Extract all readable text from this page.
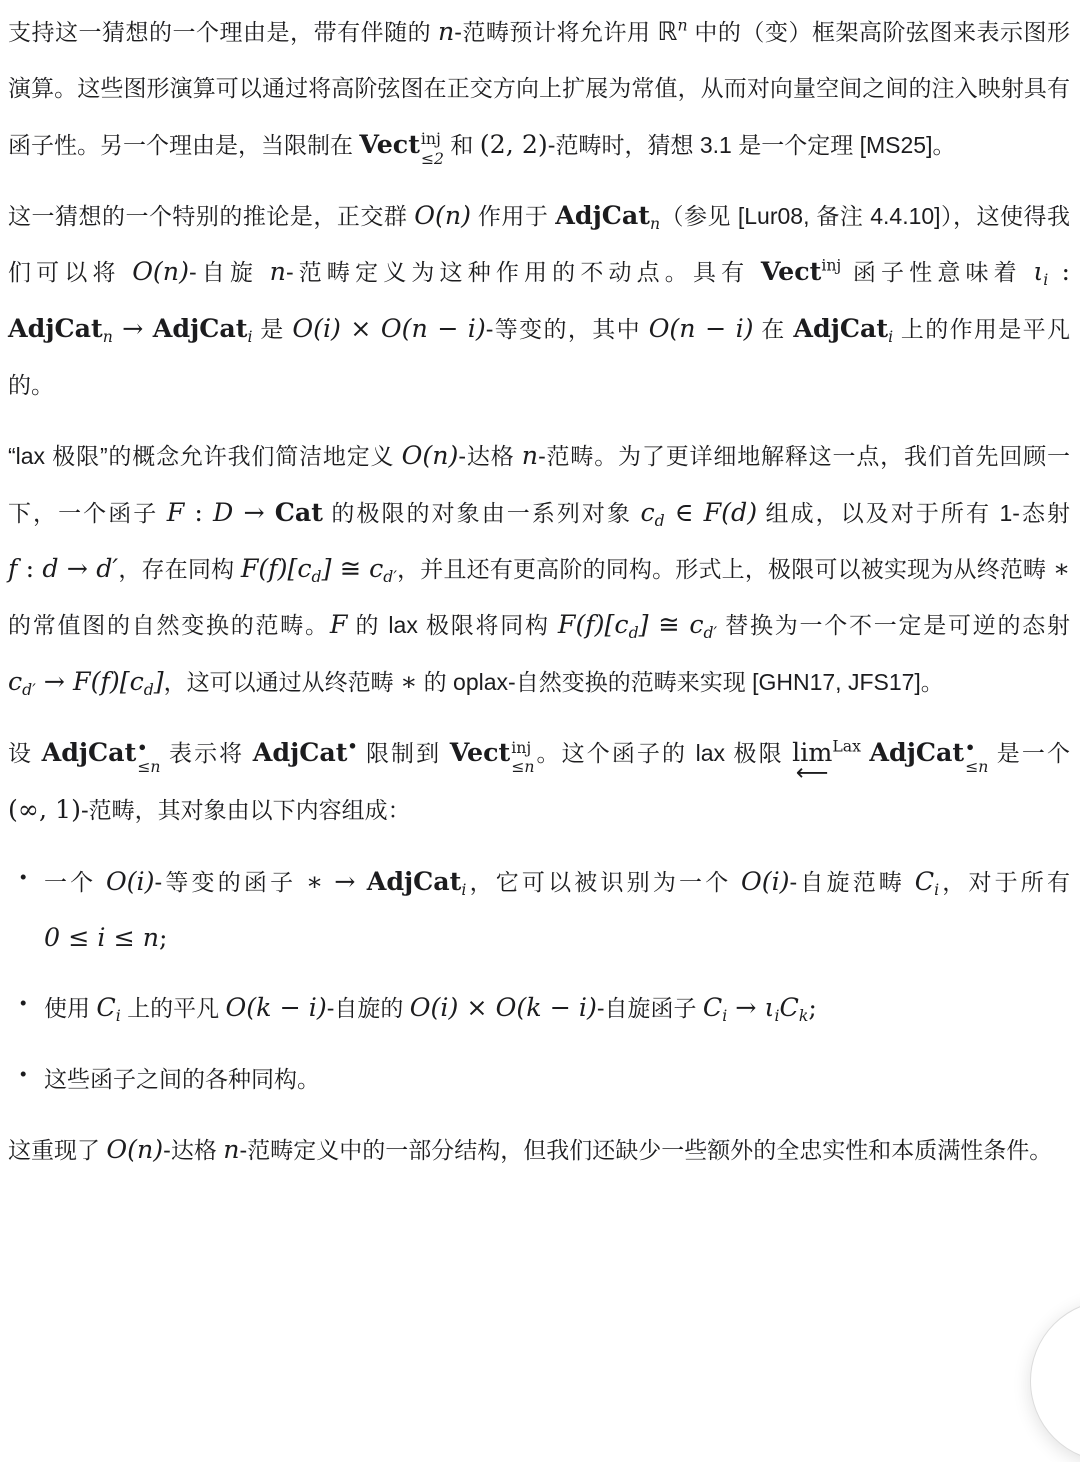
支持这一猜想的一个理由是，带有伴随的 n-范畴预计将允许用 ℝ$^n$ 中的（变）框架高阶弦图来表示图形演算。这些图形演算可以通过将高阶弦图在正交方向上扩展为常值，从而对向量空间之间的注入映射具有函子性。另一个理由是，当限制在 Vect inj
≤2
和 (2, 2)-范畴时，猜想 3.1 是一个定理 [MS25]。

这一猜想的一个特别的推论是，正交群 O(n) 作用于 AdjCat$_n$（参见 [Lur08, 备注 4.4.10]），这使得我们可以将 O(n)-自旋 n-范畴定义为这种作用的不动点。具有 Vect$^{inj}$ 函子性意味着 $\iota_i$ : AdjCat$_n$ → AdjCat$_i$ 是 O(i) × O(n − i)-等变的，其中 O(n − i) 在 AdjCat$_i$ 上的作用是平凡的。

“lax 极限”的概念允许我们简洁地定义 O(n)-达格 n-范畴。为了更详细地解释这一点，我们首先回顾一下，一个函子 F : D → Cat 的极限的对象由一系列对象 $c_d$ ∈ F(d) 组成，以及对于所有 1-态射 f : d → d′，存在同构 $F(f)[c_d]$ ≅ $c_{d'}$，并且还有更高阶的同构。形式上，极限可以被实现为从终范畴 ∗ 的常值图的自然变换的范畴。F 的 lax 极限将同构 $F(f)[c_d]$ ≅ $c_{d'}$ 替换为一个不一定是可逆的态射 $c_{d'} \to F(f)[c_d]$，这可以通过从终范畴 ∗ 的 oplax-自然变换的范畴来实现 [GHN17, JFS17]。

设 AdjCat •
≤n
表示将 AdjCat• 限制到 Vect inj
≤n
。这个函子的 lax 极限 lim
⟵
$^{Lax}$ AdjCat •
≤n
是一个 (∞, 1)-范畴，其对象由以下内容组成：

• 一个 O(i)-等变的函子 ∗ → AdjCat$_i$，它可以被识别为一个 O(i)-自旋范畴 $C_i$，对于所有 0 ≤ i ≤ n;
• 使用 $C_i$ 上的平凡 O(k − i)-自旋的 O(i) × O(k − i)-自旋函子 $C_i \to \iota_iC_k$;
• 这些函子之间的各种同构。

这重现了 O(n)-达格 n-范畴定义中的一部分结构，但我们还缺少一些额外的全忠实性和本质满性条件。
